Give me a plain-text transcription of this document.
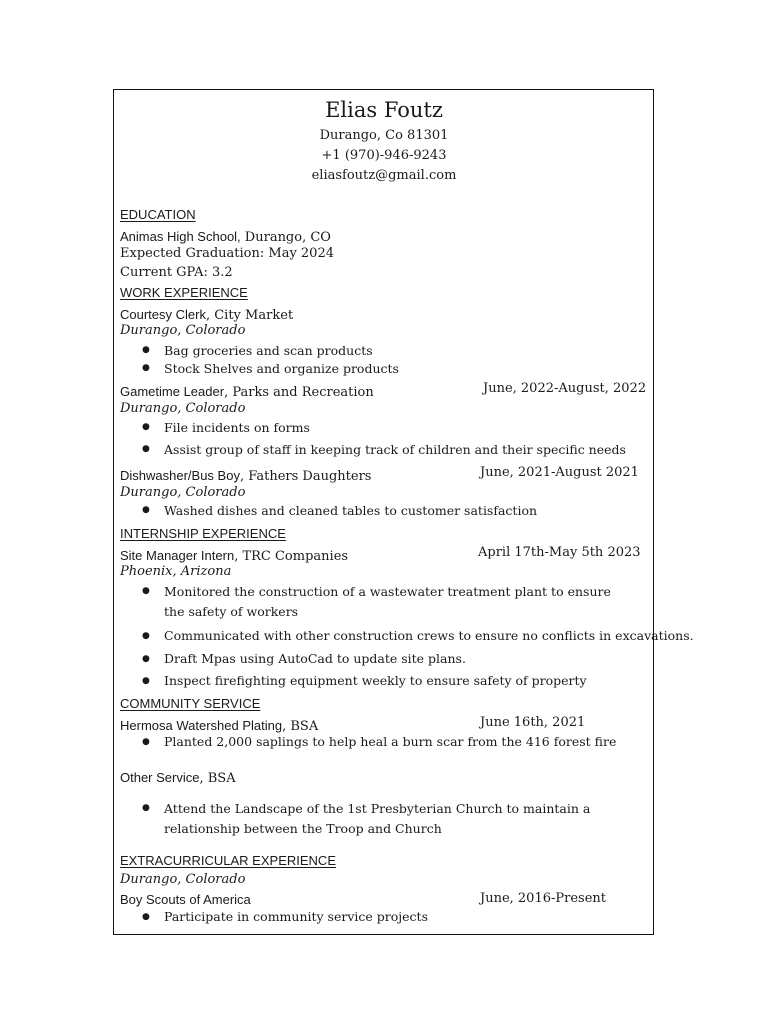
Elias Foutz
Durango, Co 81301
+1 (970)-946-9243
eliasfoutz@gmail.com
EDUCATION
Animas High School, Durango, CO
Expected Graduation: May 2024
Current GPA: 3.2
WORK EXPERIENCE
Courtesy Clerk, City Market
Durango, Colorado
● Bag groceries and scan products
● Stock Shelves and organize products
Gametime Leader, Parks and Recreation	June, 2022-August, 2022
Durango, Colorado
● File incidents on forms
● Assist group of staff in keeping track of children and their specific needs
Dishwasher/Bus Boy, Fathers Daughters	June, 2021-August 2021
Durango, Colorado
● Washed dishes and cleaned tables to customer satisfaction
INTERNSHIP EXPERIENCE
Site Manager Intern, TRC Companies	April 17th-May 5th 2023
Phoenix, Arizona
● Monitored the construction of a wastewater treatment plant to ensure the safety of workers
● Communicated with other construction crews to ensure no conflicts in excavations.
● Draft Mpas using AutoCad to update site plans.
● Inspect firefighting equipment weekly to ensure safety of property
COMMUNITY SERVICE
Hermosa Watershed Plating, BSA	June 16th, 2021
● Planted 2,000 saplings to help heal a burn scar from the 416 forest fire
Other Service, BSA
● Attend the Landscape of the 1st Presbyterian Church to maintain a relationship between the Troop and Church
EXTRACURRICULAR EXPERIENCE
Durango, Colorado
Boy Scouts of America	June, 2016-Present
● Participate in community service projects
